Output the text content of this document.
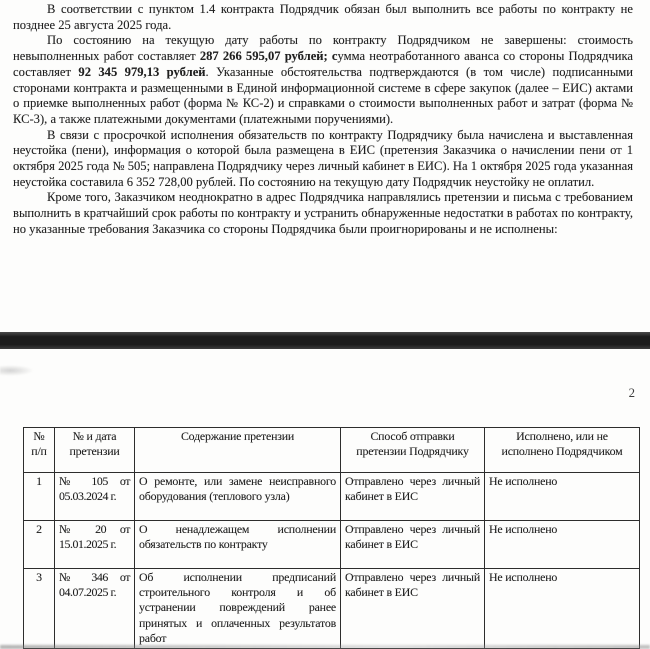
В соответствии с пунктом 1.4 контракта Подрядчик обязан был выполнить все работы по контракту не позднее 25 августа 2025 года.

По состоянию на текущую дату работы по контракту Подрядчиком не завершены: стоимость невыполненных работ составляет 287 266 595,07 рублей; сумма неотработанного аванса со стороны Подрядчика составляет 92 345 979,13 рублей. Указанные обстоятельства подтверждаются (в том числе) подписанными сторонами контракта и размещенными в Единой информационной системе в сфере закупок (далее – ЕИС) актами о приемке выполненных работ (форма № КС-2) и справками о стоимости выполненных работ и затрат (форма № КС-3), а также платежными документами (платежными поручениями).

В связи с просрочкой исполнения обязательств по контракту Подрядчику была начислена и выставленная неустойка (пени), информация о которой была размещена в ЕИС (претензия Заказчика о начислении пени от 1 октября 2025 года № 505; направлена Подрядчику через личный кабинет в ЕИС). На 1 октября 2025 года указанная неустойка составила 6 352 728,00 рублей. По состоянию на текущую дату Подрядчик неустойку не оплатил.

Кроме того, Заказчиком неоднократно в адрес Подрядчика направлялись претензии и письма с требованием выполнить в кратчайший срок работы по контракту и устранить обнаруженные недостатки в работах по контракту, но указанные требования Заказчика со стороны Подрядчика были проигнорированы и не исполнены:

2
№ п/п	№ и дата претензии	Содержание претензии	Способ отправки претензии Подрядчику	Исполнено, или не исполнено Подрядчиком
1	№ 105 от 05.03.2024 г.	О ремонте, или замене неисправного оборудования (теплового узла)	Отправлено через личный кабинет в ЕИС	Не исполнено
2	№ 20 от 15.01.2025 г.	О ненадлежащем исполнении обязательств по контракту	Отправлено через личный кабинет в ЕИС	Не исполнено
3	№ 346 от 04.07.2025 г.	Об исполнении предписаний строительного контроля и об устранении повреждений ранее принятых и оплаченных результатов работ	Отправлено через личный кабинет в ЕИС	Не исполнено
